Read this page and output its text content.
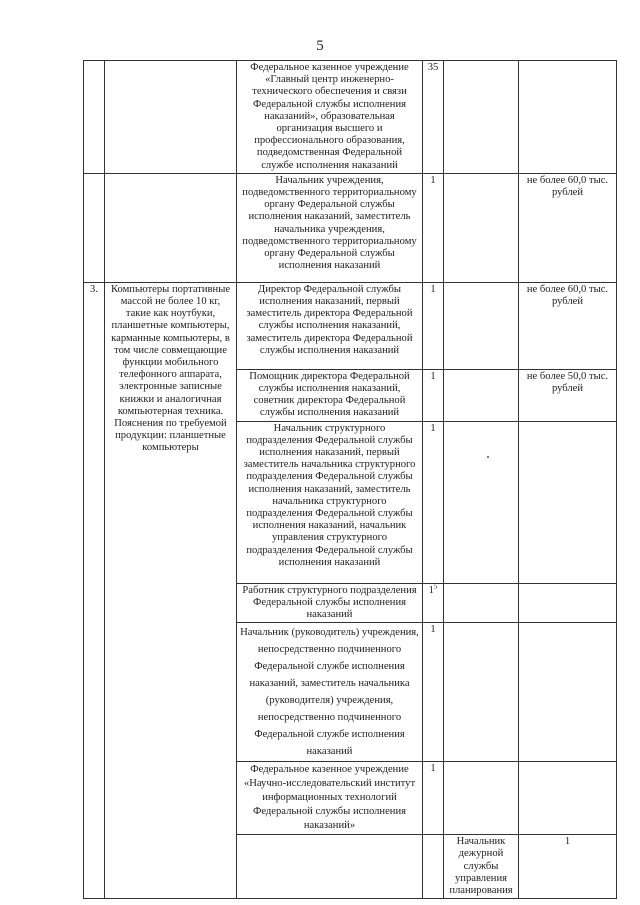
5
		Федеральное казенное учреждение «Главный центр инженерно-технического обеспечения и связи Федеральной службы исполнения наказаний», образовательная организация высшего и профессионального образования, подведомственная Федеральной службе исполнения наказаний	35			
		Начальник учреждения, подведомственного территориальному органу Федеральной службы исполнения наказаний, заместитель начальника учреждения, подведомственного территориальному органу Федеральной службы исполнения наказаний	1		не более 60,0 тыс. рублей	
3.	Компьютеры портативные массой не более 10 кг, такие как ноутбуки, планшетные компьютеры, карманные компьютеры, в том числе совмещающие функции мобильного телефонного аппарата, электронные записные книжки и аналогичная компьютерная техника. Пояснения по требуемой продукции: планшетные компьютеры	Директор Федеральной службы исполнения наказаний, первый заместитель директора Федеральной службы исполнения наказаний, заместитель директора Федеральной службы исполнения наказаний	1		не более 60,0 тыс. рублей	
		Помощник директора Федеральной службы исполнения наказаний, советник директора Федеральной службы исполнения наказаний	1		не более 50,0 тыс. рублей	
		Начальник структурного подразделения Федеральной службы исполнения наказаний, первый заместитель начальника структурного подразделения Федеральной службы исполнения наказаний, заместитель начальника структурного подразделения Федеральной службы исполнения наказаний, начальник управления структурного подразделения Федеральной службы исполнения наказаний	1			
		Работник структурного подразделения Федеральной службы исполнения наказаний	$1^5$		
		Начальник (руководитель) учреждения, непосредственно подчиненного Федеральной службе исполнения наказаний, заместитель начальника (руководителя) учреждения, непосредственно подчиненного Федеральной службе исполнения наказаний	1			
		Федеральное казенное учреждение «Научно-исследовательский институт информационных технологий Федеральной службы исполнения наказаний»	1			
				Начальник дежурной службы управления планирования	1		
